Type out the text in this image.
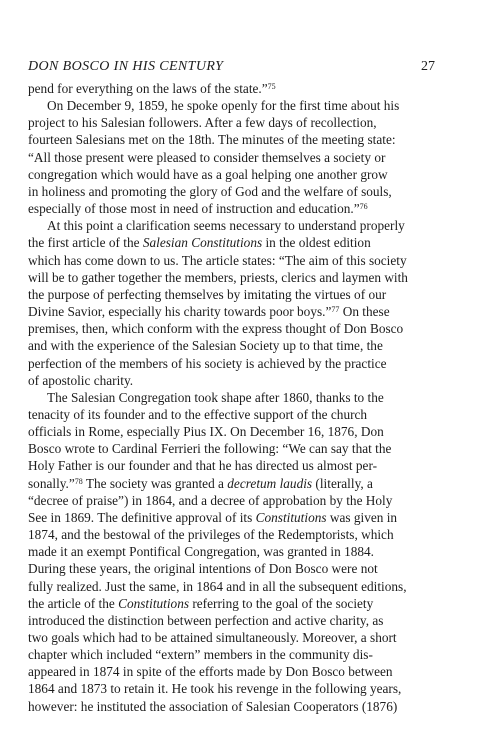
DON BOSCO IN HIS CENTURY	27
pend for everything on the laws of the state.”$^{75}$
On December 9, 1859, he spoke openly for the first time about his
project to his Salesian followers. After a few days of recollection,
fourteen Salesians met on the 18th. The minutes of the meeting state:
“All those present were pleased to consider themselves a society or
congregation which would have as a goal helping one another grow
in holiness and promoting the glory of God and the welfare of souls,
especially of those most in need of instruction and education.”$^{76}$
At this point a clarification seems necessary to understand properly
the first article of the Salesian Constitutions in the oldest edition
which has come down to us. The article states: “The aim of this society
will be to gather together the members, priests, clerics and laymen with
the purpose of perfecting themselves by imitating the virtues of our
Divine Savior, especially his charity towards poor boys.”$^{77}$ On these
premises, then, which conform with the express thought of Don Bosco
and with the experience of the Salesian Society up to that time, the
perfection of the members of his society is achieved by the practice
of apostolic charity.
The Salesian Congregation took shape after 1860, thanks to the
tenacity of its founder and to the effective support of the church
officials in Rome, especially Pius IX. On December 16, 1876, Don
Bosco wrote to Cardinal Ferrieri the following: “We can say that the
Holy Father is our founder and that he has directed us almost per-
sonally.”$^{78}$ The society was granted a decretum laudis (literally, a
“decree of praise”) in 1864, and a decree of approbation by the Holy
See in 1869. The definitive approval of its Constitutions was given in
1874, and the bestowal of the privileges of the Redemptorists, which
made it an exempt Pontifical Congregation, was granted in 1884.
During these years, the original intentions of Don Bosco were not
fully realized. Just the same, in 1864 and in all the subsequent editions,
the article of the Constitutions referring to the goal of the society
introduced the distinction between perfection and active charity, as
two goals which had to be attained simultaneously. Moreover, a short
chapter which included “extern” members in the community dis-
appeared in 1874 in spite of the efforts made by Don Bosco between
1864 and 1873 to retain it. He took his revenge in the following years,
however: he instituted the association of Salesian Cooperators (1876)
